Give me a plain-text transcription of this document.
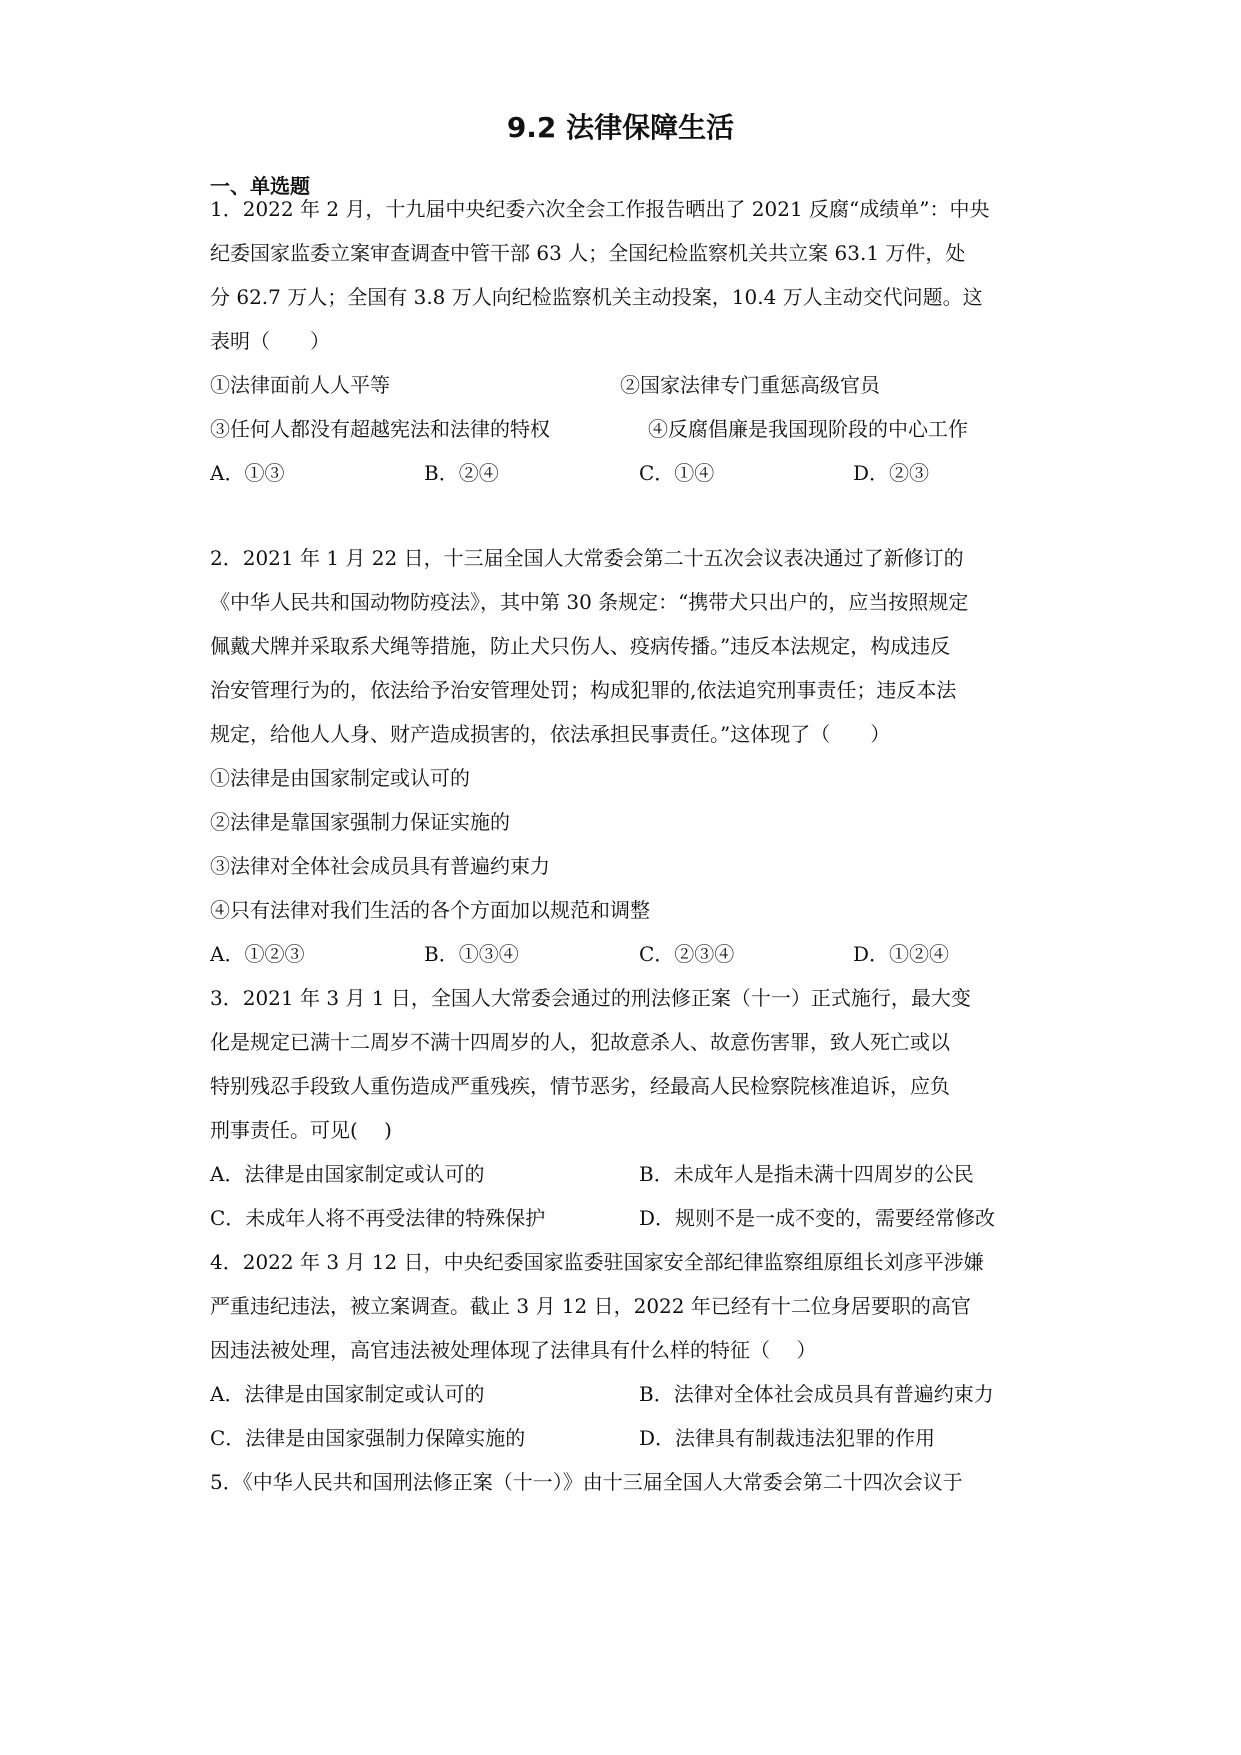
9.2 法律保障生活
一、单选题
1．2022 年 2 月，十九届中央纪委六次全会工作报告晒出了 2021 反腐“成绩单”：中央
纪委国家监委立案审查调查中管干部 63 人；全国纪检监察机关共立案 63.1 万件，处
分 62.7 万人；全国有 3.8 万人向纪检监察机关主动投案，10.4 万人主动交代问题。这
表明（　　）
①法律面前人人平等	②国家法律专门重惩高级官员
③任何人都没有超越宪法和法律的特权	④反腐倡廉是我国现阶段的中心工作
A．①③	B．②④	C．①④	D．②③
2．2021 年 1 月 22 日，十三届全国人大常委会第二十五次会议表决通过了新修订的
《中华人民共和国动物防疫法》，其中第 30 条规定：“携带犬只出户的，应当按照规定
佩戴犬牌并采取系犬绳等措施，防止犬只伤人、疫病传播。”违反本法规定，构成违反
治安管理行为的，依法给予治安管理处罚；构成犯罪的,依法追究刑事责任；违反本法
规定，给他人人身、财产造成损害的，依法承担民事责任。”这体现了（　　）
①法律是由国家制定或认可的
②法律是靠国家强制力保证实施的
③法律对全体社会成员具有普遍约束力
④只有法律对我们生活的各个方面加以规范和调整
A．①②③	B．①③④	C．②③④	D．①②④
3．2021 年 3 月 1 日，全国人大常委会通过的刑法修正案（十一）正式施行，最大变
化是规定已满十二周岁不满十四周岁的人，犯故意杀人、故意伤害罪，致人死亡或以
特别残忍手段致人重伤造成严重残疾，情节恶劣，经最高人民检察院核准追诉，应负
刑事责任。可见(　 )
A．法律是由国家制定或认可的	B．未成年人是指未满十四周岁的公民
C．未成年人将不再受法律的特殊保护	D．规则不是一成不变的，需要经常修改
4．2022 年 3 月 12 日，中央纪委国家监委驻国家安全部纪律监察组原组长刘彦平涉嫌
严重违纪违法，被立案调查。截止 3 月 12 日，2022 年已经有十二位身居要职的高官
因违法被处理，高官违法被处理体现了法律具有什么样的特征（　 ）
A．法律是由国家制定或认可的	B．法律对全体社会成员具有普遍约束力
C．法律是由国家强制力保障实施的	D．法律具有制裁违法犯罪的作用
5．《中华人民共和国刑法修正案（十一）》由十三届全国人大常委会第二十四次会议于
